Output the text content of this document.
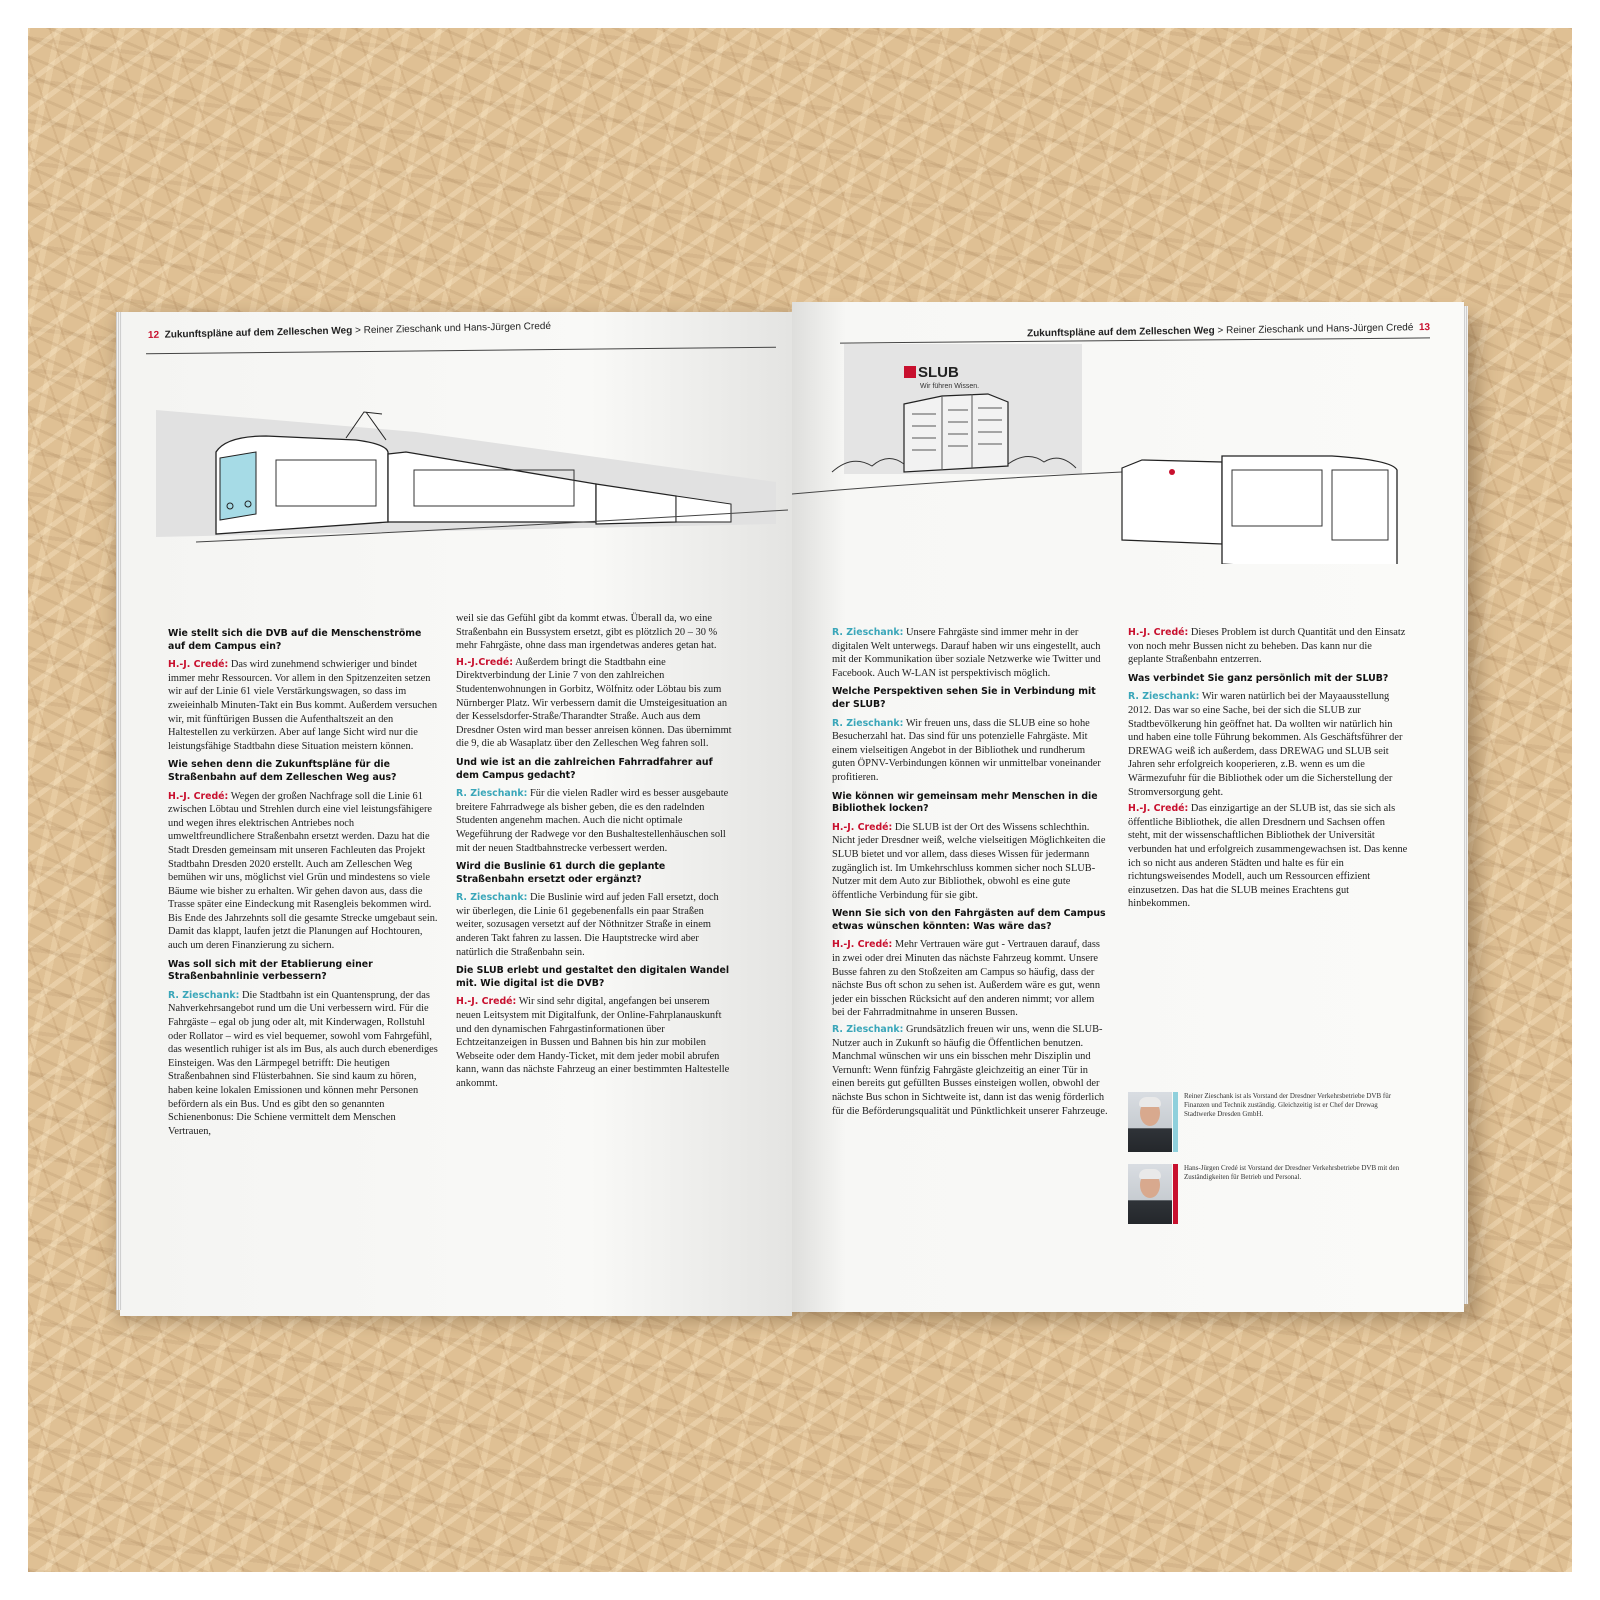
12 Zukunftspläne auf dem Zelleschen Weg > Reiner Zieschank und Hans-Jürgen Credé

Wie stellt sich die DVB auf die Menschenströme auf dem Campus ein?

H.-J. Credé: Das wird zunehmend schwieriger und bindet immer mehr Ressourcen. Vor allem in den Spitzenzeiten setzen wir auf der Linie 61 viele Verstärkungswagen, so dass im zweieinhalb Minuten-Takt ein Bus kommt. Außerdem versuchen wir, mit fünftürigen Bussen die Aufenthaltszeit an den Haltestellen zu verkürzen. Aber auf lange Sicht wird nur die leistungsfähige Stadtbahn diese Situation meistern können.

Wie sehen denn die Zukunftspläne für die Straßenbahn auf dem Zelleschen Weg aus?

H.-J. Credé: Wegen der großen Nachfrage soll die Linie 61 zwischen Löbtau und Strehlen durch eine viel leistungsfähigere und wegen ihres elektrischen Antriebes noch umweltfreundlichere Straßenbahn ersetzt werden. Dazu hat die Stadt Dresden gemeinsam mit unseren Fachleuten das Projekt Stadtbahn Dresden 2020 erstellt. Auch am Zelleschen Weg bemühen wir uns, möglichst viel Grün und mindestens so viele Bäume wie bisher zu erhalten. Wir gehen davon aus, dass die Trasse später eine Eindeckung mit Rasengleis bekommen wird. Bis Ende des Jahrzehnts soll die gesamte Strecke umgebaut sein. Damit das klappt, laufen jetzt die Planungen auf Hochtouren, auch um deren Finanzierung zu sichern.

Was soll sich mit der Etablierung einer Straßenbahnlinie verbessern?

R. Zieschank: Die Stadtbahn ist ein Quantensprung, der das Nahverkehrsangebot rund um die Uni verbessern wird. Für die Fahrgäste – egal ob jung oder alt, mit Kinderwagen, Rollstuhl oder Rollator – wird es viel bequemer, sowohl vom Fahrgefühl, das wesentlich ruhiger ist als im Bus, als auch durch ebenerdiges Einsteigen. Was den Lärmpegel betrifft: Die heutigen Straßenbahnen sind Flüsterbahnen. Sie sind kaum zu hören, haben keine lokalen Emissionen und können mehr Personen befördern als ein Bus. Und es gibt den so genannten Schienenbonus: Die Schiene vermittelt dem Menschen Vertrauen,

weil sie das Gefühl gibt da kommt etwas. Überall da, wo eine Straßenbahn ein Bussystem ersetzt, gibt es plötzlich 20 – 30 % mehr Fahrgäste, ohne dass man irgendetwas anderes getan hat.

H.-J.Credé: Außerdem bringt die Stadtbahn eine Direktverbindung der Linie 7 von den zahlreichen Studentenwohnungen in Gorbitz, Wölfnitz oder Löbtau bis zum Nürnberger Platz. Wir verbessern damit die Umsteigesituation an der Kesselsdorfer-Straße/Tharandter Straße. Auch aus dem Dresdner Osten wird man besser anreisen können. Das übernimmt die 9, die ab Wasaplatz über den Zelleschen Weg fahren soll.

Und wie ist an die zahlreichen Fahrradfahrer auf dem Campus gedacht?

R. Zieschank: Für die vielen Radler wird es besser ausgebaute breitere Fahrradwege als bisher geben, die es den radelnden Studenten angenehm machen. Auch die nicht optimale Wegeführung der Radwege vor den Bushaltestellenhäuschen soll mit der neuen Stadtbahnstrecke verbessert werden.

Wird die Buslinie 61 durch die geplante Straßenbahn ersetzt oder ergänzt?

R. Zieschank: Die Buslinie wird auf jeden Fall ersetzt, doch wir überlegen, die Linie 61 gegebenenfalls ein paar Straßen weiter, sozusagen versetzt auf der Nöthnitzer Straße in einem anderen Takt fahren zu lassen. Die Hauptstrecke wird aber natürlich die Straßenbahn sein.

Die SLUB erlebt und gestaltet den digitalen Wandel mit. Wie digital ist die DVB?

H.-J. Credé: Wir sind sehr digital, angefangen bei unserem neuen Leitsystem mit Digitalfunk, der Online-Fahrplanauskunft und den dynamischen Fahrgastinformationen über Echtzeitanzeigen in Bussen und Bahnen bis hin zur mobilen Webseite oder dem Handy-Ticket, mit dem jeder mobil abrufen kann, wann das nächste Fahrzeug an einer bestimmten Haltestelle ankommt.

Zukunftspläne auf dem Zelleschen Weg > Reiner Zieschank und Hans-Jürgen Credé 13
SLUB
Wir führen Wissen.

R. Zieschank: Unsere Fahrgäste sind immer mehr in der digitalen Welt unterwegs. Darauf haben wir uns eingestellt, auch mit der Kommunikation über soziale Netzwerke wie Twitter und Facebook. Auch W-LAN ist perspektivisch möglich.

Welche Perspektiven sehen Sie in Verbindung mit der SLUB?

R. Zieschank: Wir freuen uns, dass die SLUB eine so hohe Besucherzahl hat. Das sind für uns potenzielle Fahrgäste. Mit einem vielseitigen Angebot in der Bibliothek und rundherum guten ÖPNV-Verbindungen können wir unmittelbar voneinander profitieren.

Wie können wir gemeinsam mehr Menschen in die Bibliothek locken?

H.-J. Credé: Die SLUB ist der Ort des Wissens schlechthin. Nicht jeder Dresdner weiß, welche vielseitigen Möglichkeiten die SLUB bietet und vor allem, dass dieses Wissen für jedermann zugänglich ist. Im Umkehrschluss kommen sicher noch SLUB-Nutzer mit dem Auto zur Bibliothek, obwohl es eine gute öffentliche Verbindung für sie gibt.

Wenn Sie sich von den Fahrgästen auf dem Campus etwas wünschen könnten: Was wäre das?

H.-J. Credé: Mehr Vertrauen wäre gut - Vertrauen darauf, dass in zwei oder drei Minuten das nächste Fahrzeug kommt. Unsere Busse fahren zu den Stoßzeiten am Campus so häufig, dass der nächste Bus oft schon zu sehen ist. Außerdem wäre es gut, wenn jeder ein bisschen Rücksicht auf den anderen nimmt; vor allem bei der Fahrradmitnahme in unseren Bussen.

R. Zieschank: Grundsätzlich freuen wir uns, wenn die SLUB-Nutzer auch in Zukunft so häufig die Öffentlichen benutzen. Manchmal wünschen wir uns ein bisschen mehr Disziplin und Vernunft: Wenn fünfzig Fahrgäste gleichzeitig an einer Tür in einen bereits gut gefüllten Busses einsteigen wollen, obwohl der nächste Bus schon in Sichtweite ist, dann ist das wenig förderlich für die Beförderungsqualität und Pünktlichkeit unserer Fahrzeuge.

H.-J. Credé: Dieses Problem ist durch Quantität und den Einsatz von noch mehr Bussen nicht zu beheben. Das kann nur die geplante Straßenbahn entzerren.

Was verbindet Sie ganz persönlich mit der SLUB?

R. Zieschank: Wir waren natürlich bei der Mayaausstellung 2012. Das war so eine Sache, bei der sich die SLUB zur Stadtbevölkerung hin geöffnet hat. Da wollten wir natürlich hin und haben eine tolle Führung bekommen. Als Geschäftsführer der DREWAG weiß ich außerdem, dass DREWAG und SLUB seit Jahren sehr erfolgreich kooperieren, z.B. wenn es um die Wärmezufuhr für die Bibliothek oder um die Sicherstellung der Stromversorgung geht.

H.-J. Credé: Das einzigartige an der SLUB ist, das sie sich als öffentliche Bibliothek, die allen Dresdnern und Sachsen offen steht, mit der wissenschaftlichen Bibliothek der Universität verbunden hat und erfolgreich zusammengewachsen ist. Das kenne ich so nicht aus anderen Städten und halte es für ein richtungsweisendes Modell, auch um Ressourcen effizient einzusetzen. Das hat die SLUB meines Erachtens gut hinbekommen.

Reiner Zieschank ist als Vorstand der Dresdner Verkehrsbetriebe DVB für Finanzen und Technik zuständig. Gleichzeitig ist er Chef der Drewag Stadtwerke Dresden GmbH.
Hans-Jürgen Credé ist Vorstand der Dresdner Verkehrsbetriebe DVB mit den Zuständigkeiten für Betrieb und Personal.
